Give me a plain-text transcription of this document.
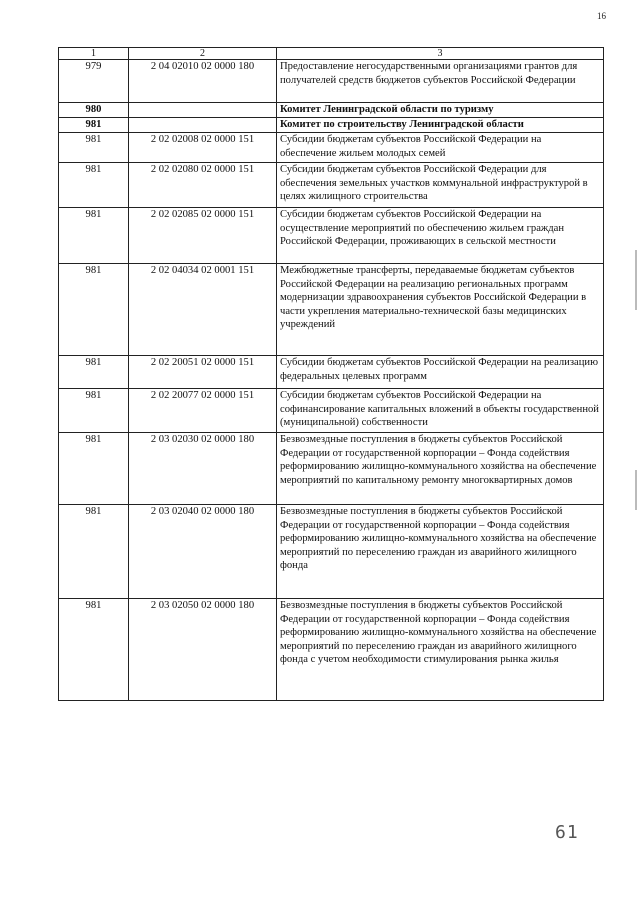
16
1	2	3
979	2 04 02010 02 0000 180	Предоставление негосударственными организациями грантов для получателей средств бюджетов субъектов Российской Федерации
980		Комитет Ленинградской области по туризму
981		Комитет по строительству Ленинградской области
981	2 02 02008 02 0000 151	Субсидии бюджетам субъектов Российской Федерации на обеспечение жильем молодых семей
981	2 02 02080 02 0000 151	Субсидии бюджетам субъектов Российской Федерации для обеспечения земельных участков коммунальной инфраструктурой в целях жилищного строительства
981	2 02 02085 02 0000 151	Субсидии бюджетам субъектов Российской Федерации на осуществление мероприятий по обеспечению жильем граждан Российской Федерации, проживающих в сельской местности
981	2 02 04034 02 0001 151	Межбюджетные трансферты, передаваемые бюджетам субъектов Российской Федерации на реализацию региональных программ модернизации здравоохранения субъектов Российской Федерации в части укрепления материально-технической базы медицинских учреждений
981	2 02 20051 02 0000 151	Субсидии бюджетам субъектов Российской Федерации на реализацию федеральных целевых программ
981	2 02 20077 02 0000 151	Субсидии бюджетам субъектов Российской Федерации на софинансирование капитальных вложений в объекты государственной (муниципальной) собственности
981	2 03 02030 02 0000 180	Безвозмездные поступления в бюджеты субъектов Российской Федерации от государственной корпорации – Фонда содействия реформированию жилищно-коммунального хозяйства на обеспечение мероприятий по капитальному ремонту многоквартирных домов
981	2 03 02040 02 0000 180	Безвозмездные поступления в бюджеты субъектов Российской Федерации от государственной корпорации – Фонда содействия реформированию жилищно-коммунального хозяйства на обеспечение мероприятий по переселению граждан из аварийного жилищного фонда
981	2 03 02050 02 0000 180	Безвозмездные поступления в бюджеты субъектов Российской Федерации от государственной корпорации – Фонда содействия реформированию жилищно-коммунального хозяйства на обеспечение мероприятий по переселению граждан из аварийного жилищного фонда с учетом необходимости стимулирования рынка жилья
61
